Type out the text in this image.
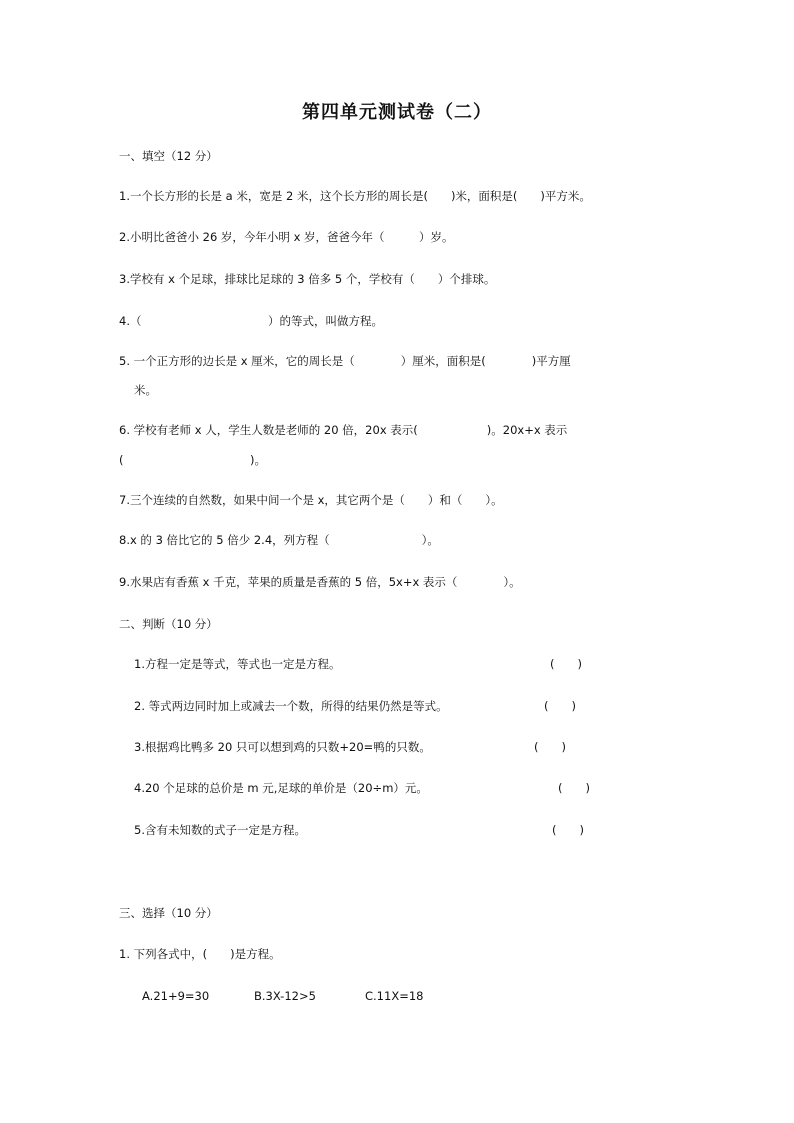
第四单元测试卷（二）
一、填空（12 分）
1.一个长方形的长是 a 米，宽是 2 米，这个长方形的周长是(　　)米，面积是(　　)平方米。
2.小明比爸爸小 26 岁，今年小明 x 岁，爸爸今年（　　　）岁。
3.学校有 x 个足球，排球比足球的 3 倍多 5 个，学校有（　　）个排球。
4.（　　　　　　　　　　　）的等式，叫做方程。
5. 一个正方形的边长是 x 厘米，它的周长是（　　　　）厘米，面积是(　　　　)平方厘
米。
6. 学校有老师 x 人，学生人数是老师的 20 倍，20x 表示(　　　　　　)。20x+x 表示
(　　　　　　　　　　　)。
7.三个连续的自然数，如果中间一个是 x，其它两个是（　　）和（　　）。
8.x 的 3 倍比它的 5 倍少 2.4，列方程（　　　　　　　　）。
9.水果店有香蕉 x 千克，苹果的质量是香蕉的 5 倍，5x+x 表示（　　　　）。
二、判断（10 分）
1.方程一定是等式，等式也一定是方程。	(　　)
2. 等式两边同时加上或减去一个数，所得的结果仍然是等式。	(　　)
3.根据鸡比鸭多 20 只可以想到鸡的只数+20=鸭的只数。	(　　)
4.20 个足球的总价是 m 元,足球的单价是（20÷m）元。	(　　)
5.含有未知数的式子一定是方程。	(　　)
三、选择（10 分）
1. 下列各式中，(　　)是方程。
A.21+9=30	B.3X-12>5	C.11X=18
